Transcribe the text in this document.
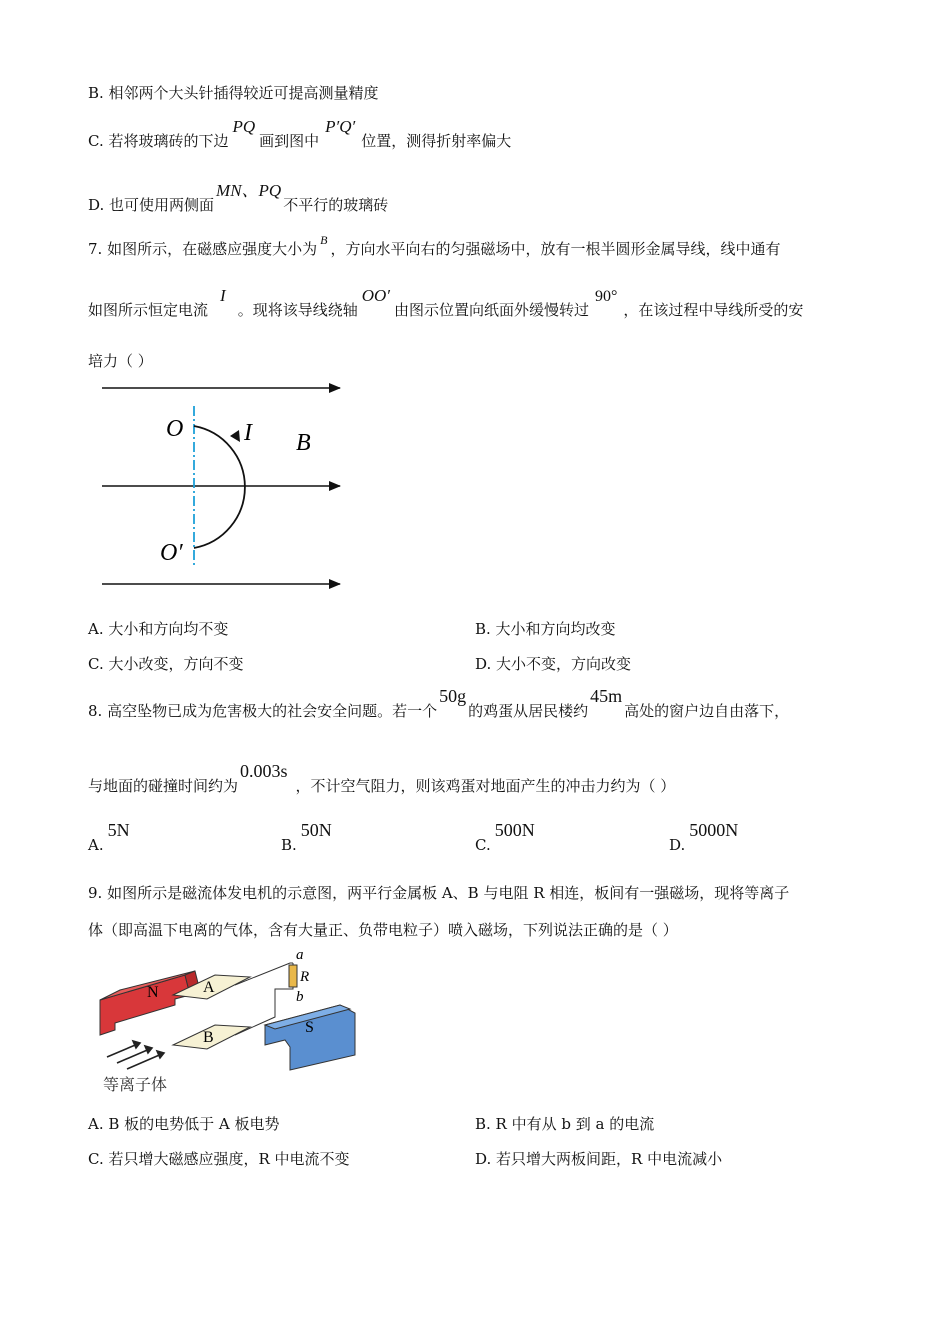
B. 相邻两个大头针插得较近可提高测量精度
C. 若将玻璃砖的下边PQ画到图中P′Q′位置，测得折射率偏大
D. 也可使用两侧面MN、PQ不平行的玻璃砖
7. 如图所示，在磁感应强度大小为 $^B$ ，方向水平向右的匀强磁场中，放有一根半圆形金属导线，线中通有
如图所示恒定电流I。现将该导线绕轴OO′由图示位置向纸面外缓慢转过90°，在该过程中导线所受的安
培力（ ）
O	I B
O′
A. 大小和方向均不变	B. 大小和方向均改变
C. 大小改变，方向不变	D. 大小不变，方向改变
8. 高空坠物已成为危害极大的社会安全问题。若一个50g的鸡蛋从居民楼约45m高处的窗户边自由落下，
与地面的碰撞时间约为0.003s，不计空气阻力，则该鸡蛋对地面产生的冲击力约为（ ）
A.5N
B.50N
C.500N
D.5000N
9. 如图所示是磁流体发电机的示意图，两平行金属板 A、B 与电阻 R 相连，板间有一强磁场，现将等离子
体（即高温下电离的气体，含有大量正、负带电粒子）喷入磁场，下列说法正确的是（ ）
N	A
B
S
a
R
b
等离子体
A. B 板的电势低于 A 板电势	B. R 中有从 b 到 a 的电流
C. 若只增大磁感应强度，R 中电流不变	D. 若只增大两板间距，R 中电流减小
